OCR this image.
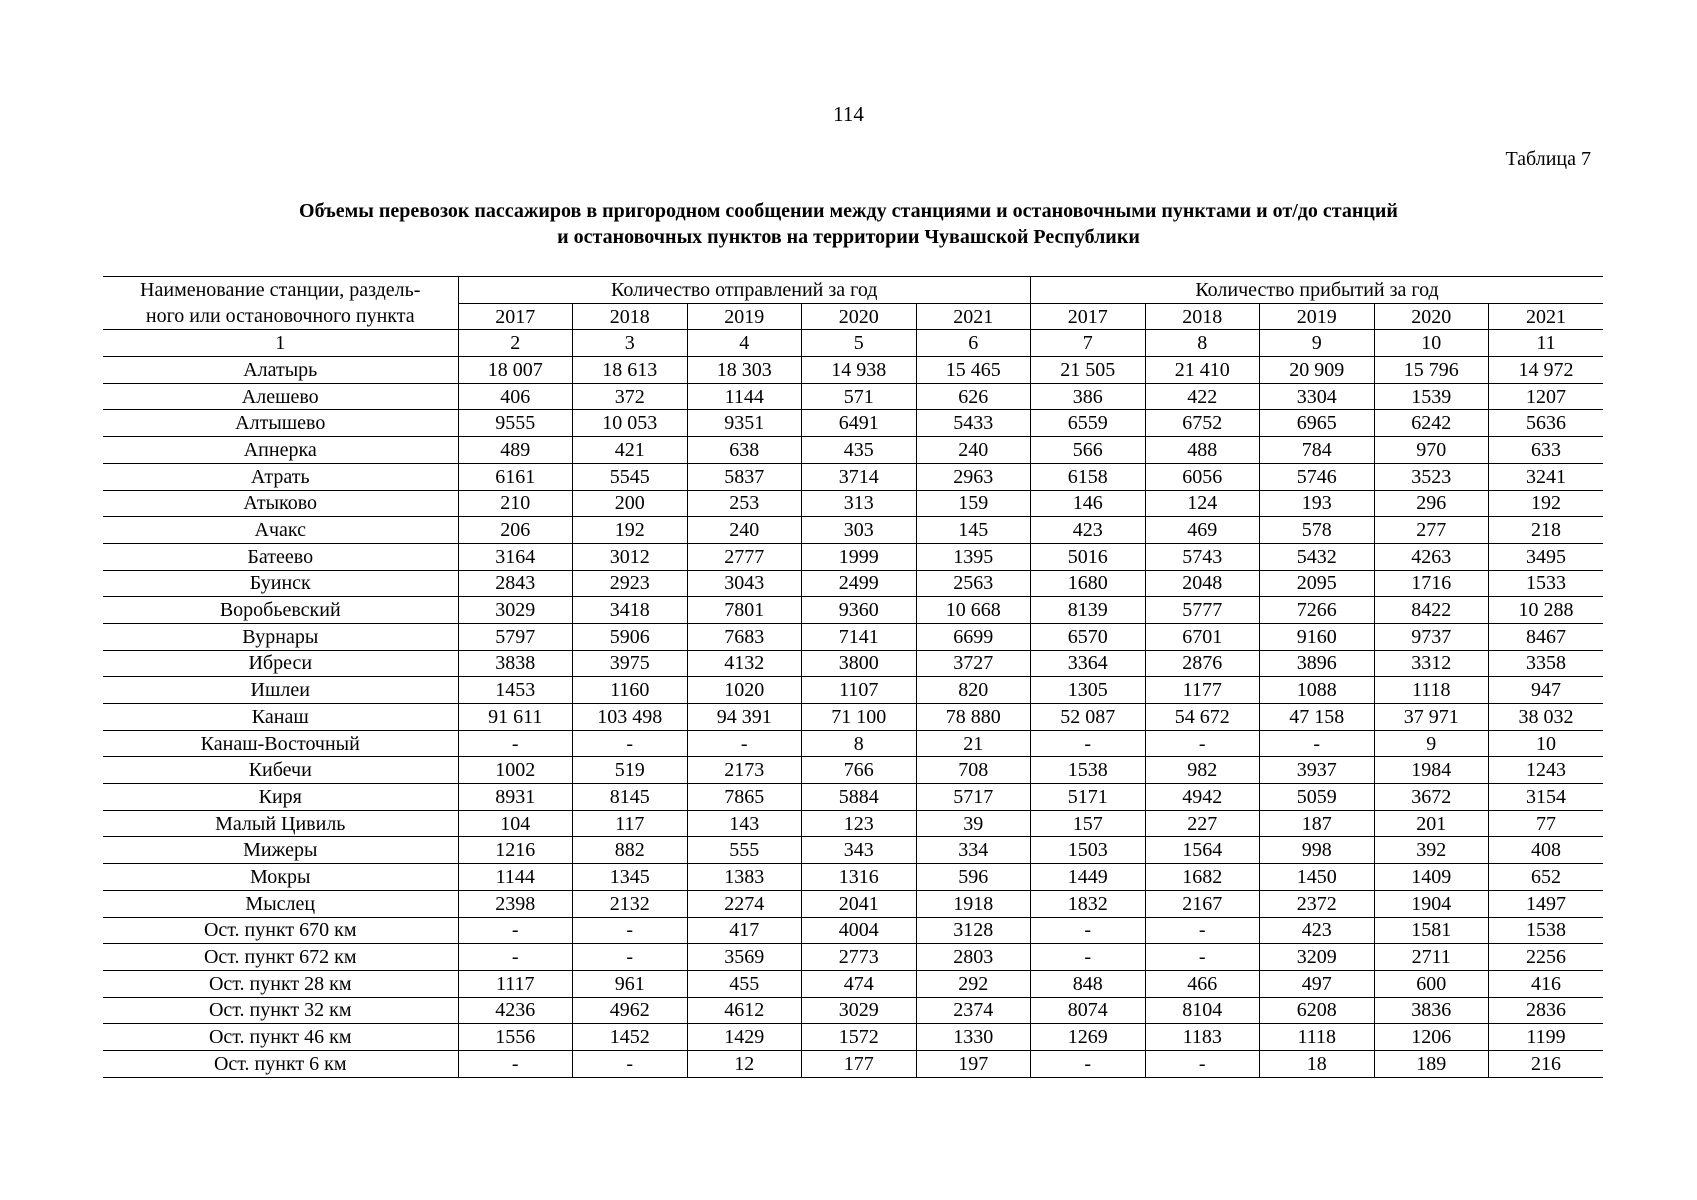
114
Таблица 7
Объемы перевозок пассажиров в пригородном сообщении между станциями и остановочными пунктами и от/до станций
и остановочных пунктов на территории Чувашской Республики
Наименование станции, раздель-
ного или остановочного пункта	Количество отправлений за год					Количество прибытий за год				
	2017	2018	2019	2020	2021	2017	2018	2019	2020	2021
1	2	3	4	5	6	7	8	9	10	11
Алатырь	18 007	18 613	18 303	14 938	15 465	21 505	21 410	20 909	15 796	14 972
Алешево	406	372	1144	571	626	386	422	3304	1539	1207
Алтышево	9555	10 053	9351	6491	5433	6559	6752	6965	6242	5636
Апнерка	489	421	638	435	240	566	488	784	970	633
Атрать	6161	5545	5837	3714	2963	6158	6056	5746	3523	3241
Атыково	210	200	253	313	159	146	124	193	296	192
Ачакс	206	192	240	303	145	423	469	578	277	218
Батеево	3164	3012	2777	1999	1395	5016	5743	5432	4263	3495
Буинск	2843	2923	3043	2499	2563	1680	2048	2095	1716	1533
Воробьевский	3029	3418	7801	9360	10 668	8139	5777	7266	8422	10 288
Вурнары	5797	5906	7683	7141	6699	6570	6701	9160	9737	8467
Ибреси	3838	3975	4132	3800	3727	3364	2876	3896	3312	3358
Ишлеи	1453	1160	1020	1107	820	1305	1177	1088	1118	947
Канаш	91 611	103 498	94 391	71 100	78 880	52 087	54 672	47 158	37 971	38 032
Канаш-Восточный	-	-	-	8	21	-	-	-	9	10
Кибечи	1002	519	2173	766	708	1538	982	3937	1984	1243
Киря	8931	8145	7865	5884	5717	5171	4942	5059	3672	3154
Малый Цивиль	104	117	143	123	39	157	227	187	201	77
Мижеры	1216	882	555	343	334	1503	1564	998	392	408
Мокры	1144	1345	1383	1316	596	1449	1682	1450	1409	652
Мыслец	2398	2132	2274	2041	1918	1832	2167	2372	1904	1497
Ост. пункт 670 км	-	-	417	4004	3128	-	-	423	1581	1538
Ост. пункт 672 км	-	-	3569	2773	2803	-	-	3209	2711	2256
Ост. пункт 28 км	1117	961	455	474	292	848	466	497	600	416
Ост. пункт 32 км	4236	4962	4612	3029	2374	8074	8104	6208	3836	2836
Ост. пункт 46 км	1556	1452	1429	1572	1330	1269	1183	1118	1206	1199
Ост. пункт 6 км	-	-	12	177	197	-	-	18	189	216
